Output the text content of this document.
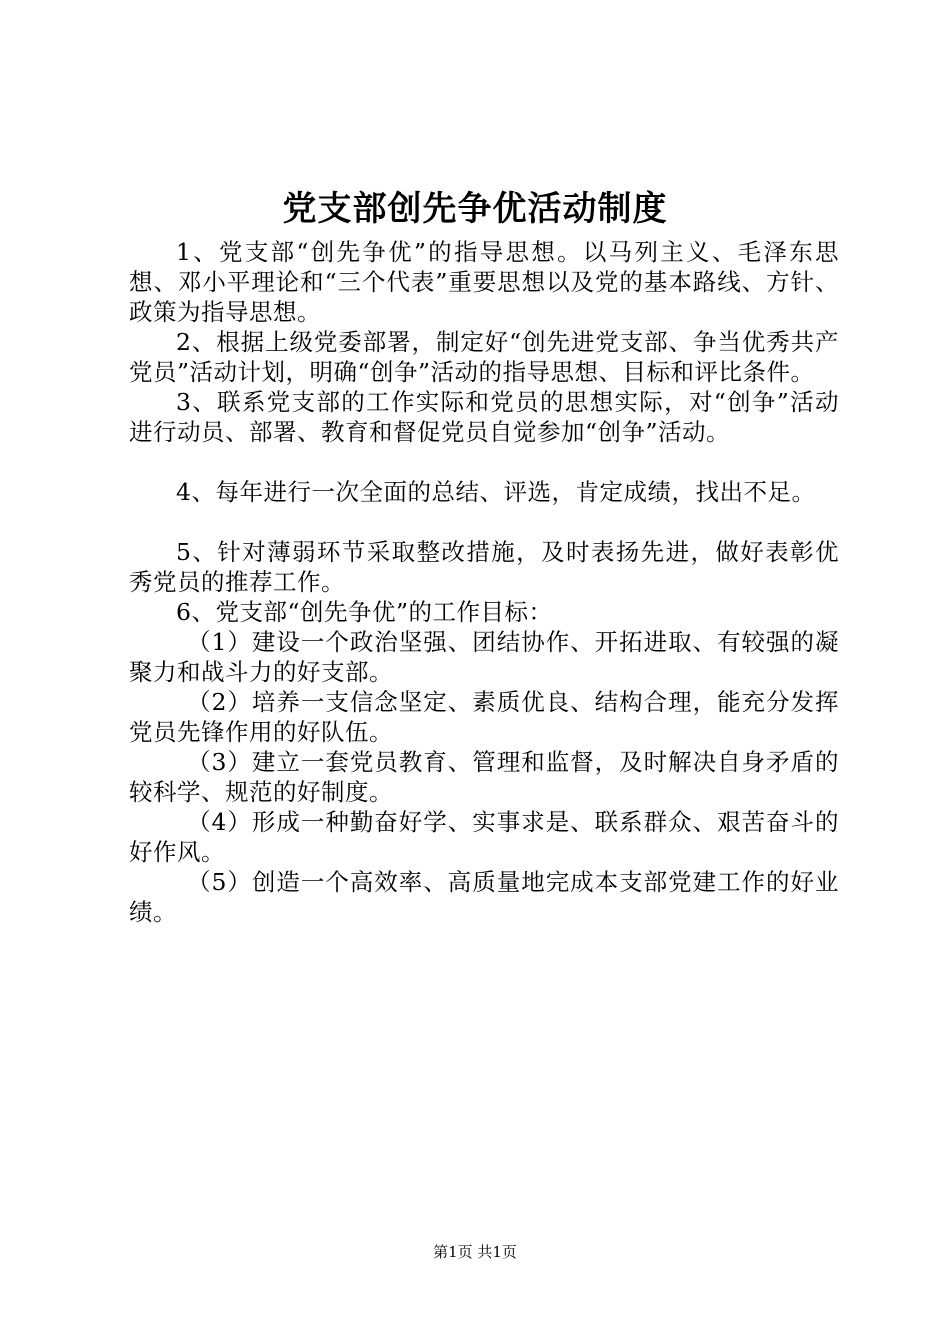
党支部创先争优活动制度

1、党支部“创先争优”的指导思想。以马列主义、毛泽东思想、邓小平理论和“三个代表”重要思想以及党的基本路线、方针、政策为指导思想。

2、根据上级党委部署，制定好“创先进党支部、争当优秀共产党员”活动计划，明确“创争”活动的指导思想、目标和评比条件。

3、联系党支部的工作实际和党员的思想实际，对“创争”活动进行动员、部署、教育和督促党员自觉参加“创争”活动。

4、每年进行一次全面的总结、评选，肯定成绩，找出不足。

5、针对薄弱环节采取整改措施，及时表扬先进，做好表彰优秀党员的推荐工作。

6、党支部“创先争优”的工作目标：

（1）建设一个政治坚强、团结协作、开拓进取、有较强的凝聚力和战斗力的好支部。

（2）培养一支信念坚定、素质优良、结构合理，能充分发挥党员先锋作用的好队伍。

（3）建立一套党员教育、管理和监督，及时解决自身矛盾的较科学、规范的好制度。

（4）形成一种勤奋好学、实事求是、联系群众、艰苦奋斗的好作风。

（5）创造一个高效率、高质量地完成本支部党建工作的好业绩。

第1页 共1页
